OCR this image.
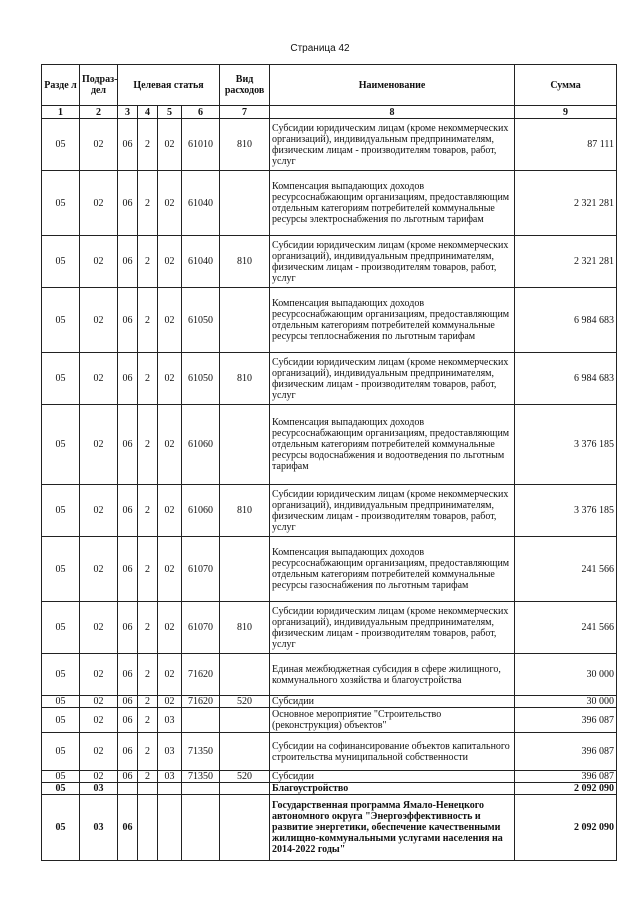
Страница 42
Разде л	Подраз- дел	Целевая статья				Вид расходов	Наименование	Сумма
1	2	3	4	5	6	7	8	9
05	02	06	2	02	61010	810	Субсидии юридическим лицам (кроме некоммерческих организаций), индивидуальным предпринимателям, физическим лицам - производителям товаров, работ, услуг	87 111
05	02	06	2	02	61040		Компенсация выпадающих доходов ресурсоснабжающим организациям, предоставляющим отдельным категориям потребителей коммунальные ресурсы электроснабжения по льготным тарифам	2 321 281
05	02	06	2	02	61040	810	Субсидии юридическим лицам (кроме некоммерческих организаций), индивидуальным предпринимателям, физическим лицам - производителям товаров, работ, услуг	2 321 281
05	02	06	2	02	61050		Компенсация выпадающих доходов ресурсоснабжающим организациям, предоставляющим отдельным категориям потребителей коммунальные ресурсы теплоснабжения по льготным тарифам	6 984 683
05	02	06	2	02	61050	810	Субсидии юридическим лицам (кроме некоммерческих организаций), индивидуальным предпринимателям, физическим лицам - производителям товаров, работ, услуг	6 984 683
05	02	06	2	02	61060		Компенсация выпадающих доходов ресурсоснабжающим организациям, предоставляющим отдельным категориям потребителей коммунальные ресурсы водоснабжения и водоотведения по льготным тарифам	3 376 185
05	02	06	2	02	61060	810	Субсидии юридическим лицам (кроме некоммерческих организаций), индивидуальным предпринимателям, физическим лицам - производителям товаров, работ, услуг	3 376 185
05	02	06	2	02	61070		Компенсация выпадающих доходов ресурсоснабжающим организациям, предоставляющим отдельным категориям потребителей коммунальные ресурсы газоснабжения по льготным тарифам	241 566
05	02	06	2	02	61070	810	Субсидии юридическим лицам (кроме некоммерческих организаций), индивидуальным предпринимателям, физическим лицам - производителям товаров, работ, услуг	241 566
05	02	06	2	02	71620		Единая межбюджетная субсидия в сфере жилищного, коммунального хозяйства и благоустройства	30 000
05	02	06	2	02	71620	520	Субсидии	30 000
05	02	06	2	03			Основное мероприятие "Строительство (реконструкция) объектов"	396 087
05	02	06	2	03	71350		Субсидии на софинансирование объектов капитального строительства муниципальной собственности	396 087
05	02	06	2	03	71350	520	Субсидии	396 087
05	03						Благоустройство	2 092 090
05	03	06					Государственная программа Ямало-Ненецкого автономного округа "Энергоэффективность и развитие энергетики, обеспечение качественными жилищно-коммунальными услугами населения на 2014-2022 годы"	2 092 090
